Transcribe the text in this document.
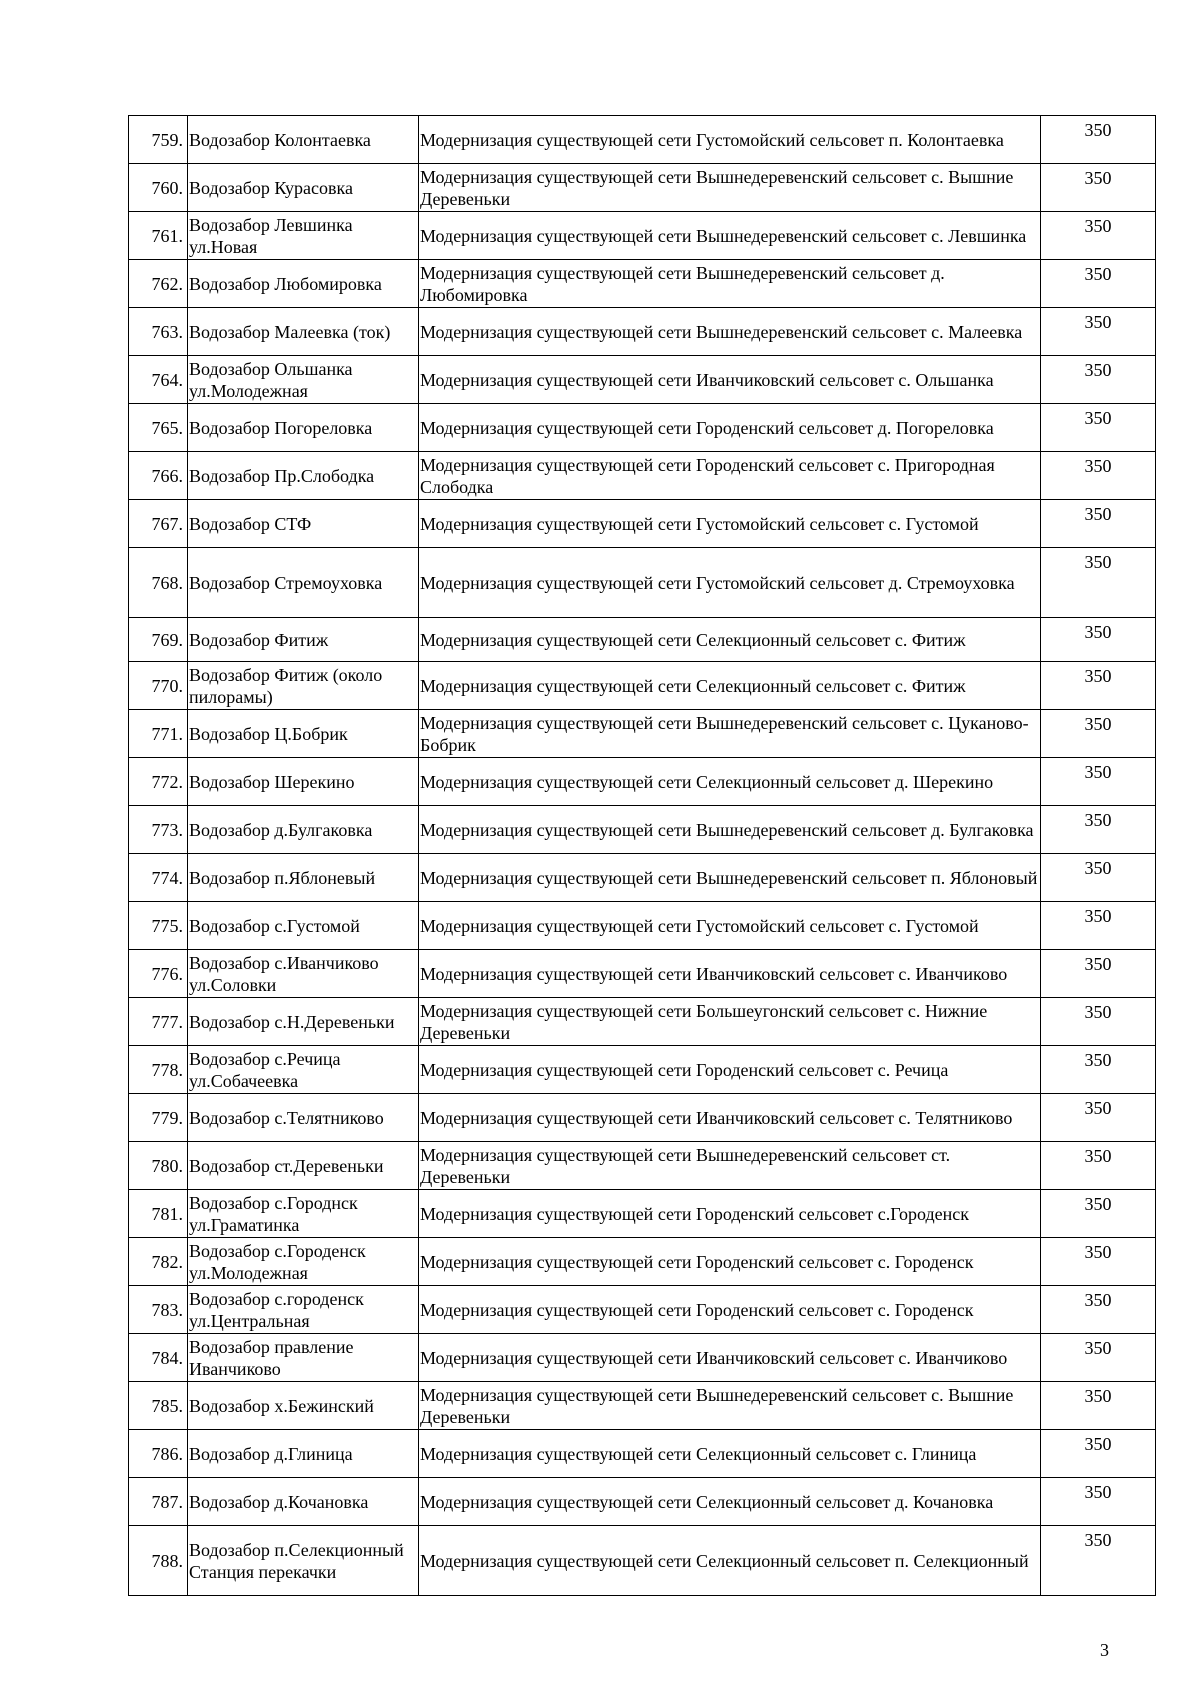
759.	Водозабор Колонтаевка	Модернизация существующей сети Густомойский сельсовет п. Колонтаевка	350
760.	Водозабор Курасовка	Модернизация существующей сети Вышнедеревенский сельсовет с. Вышние Деревеньки	350
761.	Водозабор Левшинка ул.Новая	Модернизация существующей сети Вышнедеревенский сельсовет с. Левшинка	350
762.	Водозабор Любомировка	Модернизация существующей сети Вышнедеревенский сельсовет д. Любомировка	350
763.	Водозабор Малеевка (ток)	Модернизация существующей сети Вышнедеревенский сельсовет с. Малеевка	350
764.	Водозабор Ольшанка ул.Молодежная	Модернизация существующей сети Иванчиковский сельсовет с. Ольшанка	350
765.	Водозабор Погореловка	Модернизация существующей сети Городенский сельсовет д. Погореловка	350
766.	Водозабор Пр.Слободка	Модернизация существующей сети Городенский сельсовет с. Пригородная Слободка	350
767.	Водозабор СТФ	Модернизация существующей сети Густомойский сельсовет с. Густомой	350
768.	Водозабор Стремоуховка	Модернизация существующей сети Густомойский сельсовет д. Стремоуховка	350
769.	Водозабор Фитиж	Модернизация существующей сети Селекционный сельсовет с. Фитиж	350
770.	Водозабор Фитиж (около пилорамы)	Модернизация существующей сети Селекционный сельсовет с. Фитиж	350
771.	Водозабор Ц.Бобрик	Модернизация существующей сети Вышнедеревенский сельсовет с. Цуканово-Бобрик	350
772.	Водозабор Шерекино	Модернизация существующей сети Селекционный сельсовет д. Шерекино	350
773.	Водозабор д.Булгаковка	Модернизация существующей сети Вышнедеревенский сельсовет д. Булгаковка	350
774.	Водозабор п.Яблоневый	Модернизация существующей сети Вышнедеревенский сельсовет п. Яблоновый	350
775.	Водозабор с.Густомой	Модернизация существующей сети Густомойский сельсовет с. Густомой	350
776.	Водозабор с.Иванчиково ул.Соловки	Модернизация существующей сети Иванчиковский сельсовет с. Иванчиково	350
777.	Водозабор с.Н.Деревеньки	Модернизация существующей сети Большеугонский сельсовет с. Нижние Деревеньки	350
778.	Водозабор с.Речица ул.Собачеевка	Модернизация существующей сети Городенский сельсовет с. Речица	350
779.	Водозабор с.Телятниково	Модернизация существующей сети Иванчиковский сельсовет с. Телятниково	350
780.	Водозабор ст.Деревеньки	Модернизация существующей сети Вышнедеревенский сельсовет ст. Деревеньки	350
781.	Водозабор с.Городнск ул.Граматинка	Модернизация существующей сети Городенский сельсовет с.Городенск	350
782.	Водозабор с.Городенск ул.Молодежная	Модернизация существующей сети Городенский сельсовет с. Городенск	350
783.	Водозабор с.городенск ул.Центральная	Модернизация существующей сети Городенский сельсовет с. Городенск	350
784.	Водозабор правление Иванчиково	Модернизация существующей сети Иванчиковский сельсовет с. Иванчиково	350
785.	Водозабор х.Бежинский	Модернизация существующей сети Вышнедеревенский сельсовет с. Вышние Деревеньки	350
786.	Водозабор д.Глиница	Модернизация существующей сети Селекционный сельсовет с. Глиница	350
787.	Водозабор д.Кочановка	Модернизация существующей сети Селекционный сельсовет д. Кочановка	350
788.	Водозабор п.Селекционный Станция перекачки	Модернизация существующей сети Селекционный сельсовет п. Селекционный	350
3
